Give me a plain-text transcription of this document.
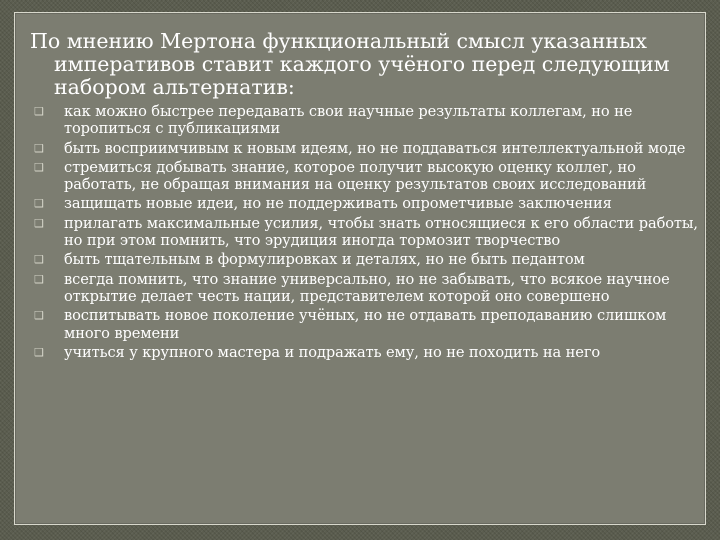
По мнению Мертона функциональный смысл указанных императивов ставит каждого учёного перед следующим набором альтернатив:
❑ как можно быстрее передавать свои научные результаты коллегам, но не торопиться с публикациями
❑ быть восприимчивым к новым идеям, но не поддаваться интеллектуальной моде
❑ стремиться добывать знание, которое получит высокую оценку коллег, но работать, не обращая внимания на оценку результатов своих исследований
❑ защищать новые идеи, но не поддерживать опрометчивые заключения
❑ прилагать максимальные усилия, чтобы знать относящиеся к его области работы, но при этом помнить, что эрудиция иногда тормозит творчество
❑ быть тщательным в формулировках и деталях, но не быть педантом
❑ всегда помнить, что знание универсально, но не забывать, что всякое научное открытие делает честь нации, представителем которой оно совершено
❑ воспитывать новое поколение учёных, но не отдавать преподаванию слишком много времени
❑ учиться у крупного мастера и подражать ему, но не походить на него
